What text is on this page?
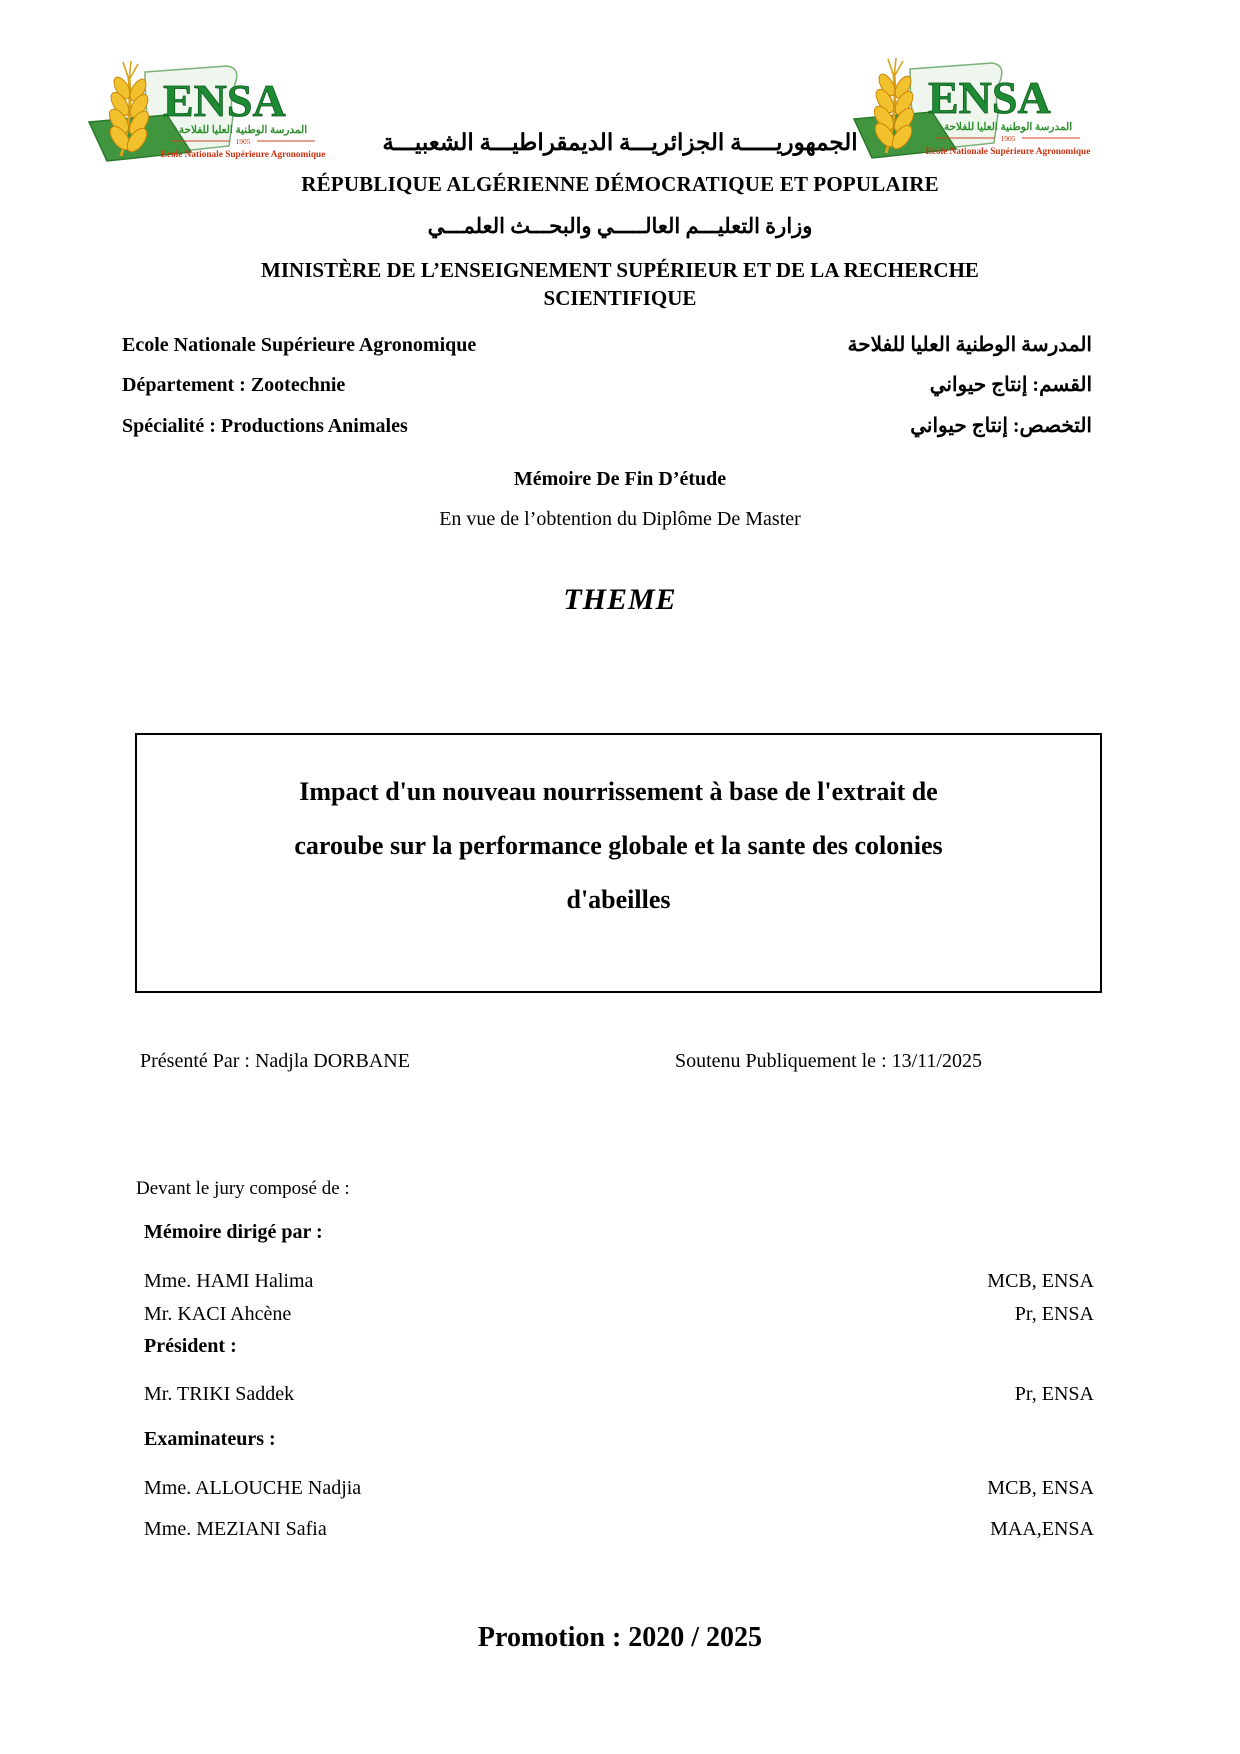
ENSA
المدرسة الوطنية العليا للفلاحة
1905
Ecole Nationale Supérieure Agronomique
ENSA
المدرسة الوطنية العليا للفلاحة
1905
Ecole Nationale Supérieure Agronomique
الجمهوريـــــة الجزائريـــة الديمقراطيـــة الشعبيـــة
RÉPUBLIQUE ALGÉRIENNE DÉMOCRATIQUE ET POPULAIRE
وزارة التعليـــم العالـــــي والبحـــث العلمـــي
MINISTÈRE DE L’ENSEIGNEMENT SUPÉRIEUR ET DE LA RECHERCHE
SCIENTIFIQUE
Ecole Nationale Supérieure Agronomique	المدرسة الوطنية العليا للفلاحة
Département : Zootechnie	القسم: إنتاج حيواني
Spécialité : Productions Animales	التخصص: إنتاج حيواني
Mémoire De Fin D’étude
En vue de l’obtention du Diplôme De Master
THEME
Impact d'un nouveau nourrissement à base de l'extrait de
caroube sur la performance globale et la sante des colonies
d'abeilles
Présenté Par : Nadjla DORBANE	Soutenu Publiquement le : 13/11/2025
Devant le jury composé de :
Mémoire dirigé par :
Mme. HAMI Halima	MCB, ENSA
Mr. KACI Ahcène	Pr, ENSA
Président :
Mr. TRIKI Saddek	Pr, ENSA
Examinateurs :
Mme. ALLOUCHE Nadjia	MCB, ENSA
Mme. MEZIANI Safia	MAA,ENSA
Promotion : 2020 / 2025
